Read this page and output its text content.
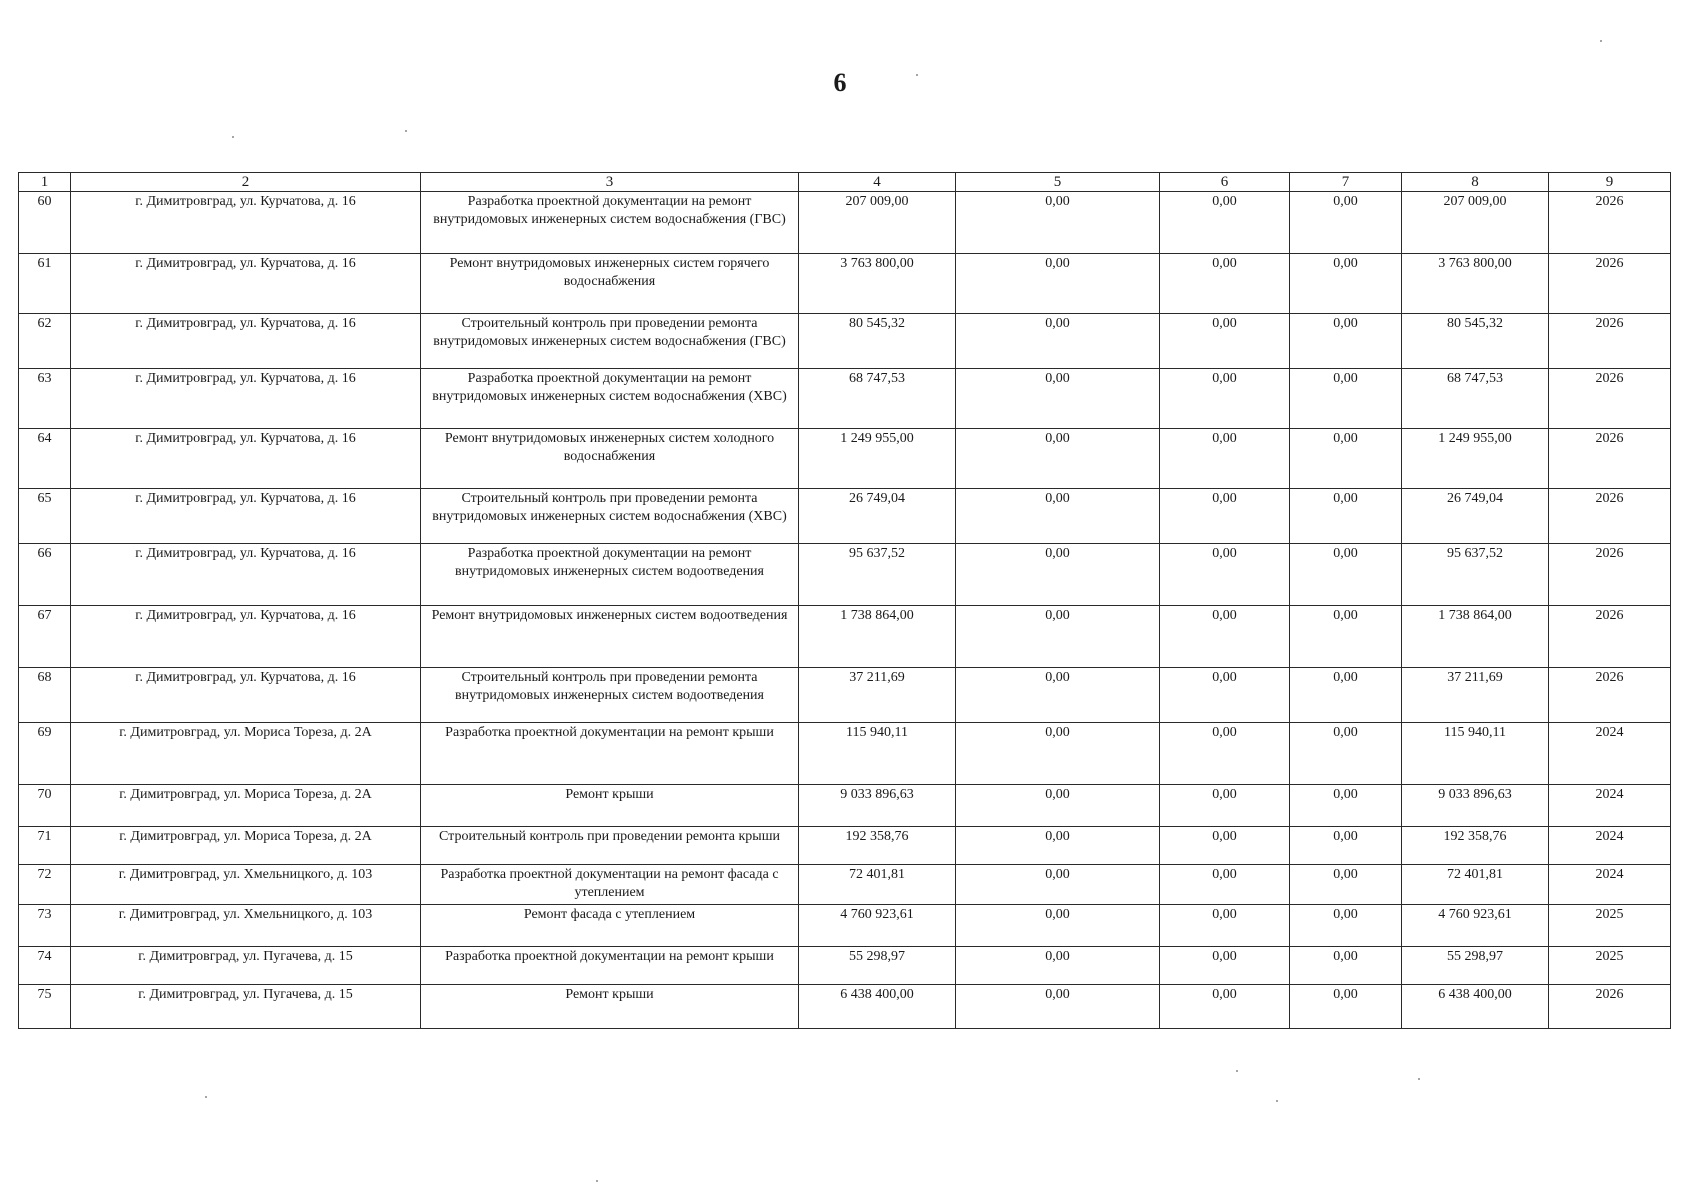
6
1	2	3	4	5	6	7	8	9
60	г. Димитровград, ул. Курчатова, д. 16	Разработка проектной документации на ремонт внутридомовых инженерных систем водоснабжения (ГВС)	207 009,00	0,00	0,00	0,00	207 009,00	2026
61	г. Димитровград, ул. Курчатова, д. 16	Ремонт внутридомовых инженерных систем горячего водоснабжения	3 763 800,00	0,00	0,00	0,00	3 763 800,00	2026
62	г. Димитровград, ул. Курчатова, д. 16	Строительный контроль при проведении ремонта внутридомовых инженерных систем водоснабжения (ГВС)	80 545,32	0,00	0,00	0,00	80 545,32	2026
63	г. Димитровград, ул. Курчатова, д. 16	Разработка проектной документации на ремонт внутридомовых инженерных систем водоснабжения (ХВС)	68 747,53	0,00	0,00	0,00	68 747,53	2026
64	г. Димитровград, ул. Курчатова, д. 16	Ремонт внутридомовых инженерных систем холодного водоснабжения	1 249 955,00	0,00	0,00	0,00	1 249 955,00	2026
65	г. Димитровград, ул. Курчатова, д. 16	Строительный контроль при проведении ремонта внутридомовых инженерных систем водоснабжения (ХВС)	26 749,04	0,00	0,00	0,00	26 749,04	2026
66	г. Димитровград, ул. Курчатова, д. 16	Разработка проектной документации на ремонт внутридомовых инженерных систем водоотведения	95 637,52	0,00	0,00	0,00	95 637,52	2026
67	г. Димитровград, ул. Курчатова, д. 16	Ремонт внутридомовых инженерных систем водоотведения	1 738 864,00	0,00	0,00	0,00	1 738 864,00	2026
68	г. Димитровград, ул. Курчатова, д. 16	Строительный контроль при проведении ремонта внутридомовых инженерных систем водоотведения	37 211,69	0,00	0,00	0,00	37 211,69	2026
69	г. Димитровград, ул. Мориса Тореза, д. 2А	Разработка проектной документации на ремонт крыши	115 940,11	0,00	0,00	0,00	115 940,11	2024
70	г. Димитровград, ул. Мориса Тореза, д. 2А	Ремонт крыши	9 033 896,63	0,00	0,00	0,00	9 033 896,63	2024
71	г. Димитровград, ул. Мориса Тореза, д. 2А	Строительный контроль при проведении ремонта крыши	192 358,76	0,00	0,00	0,00	192 358,76	2024
72	г. Димитровград, ул. Хмельницкого, д. 103	Разработка проектной документации на ремонт фасада с утеплением	72 401,81	0,00	0,00	0,00	72 401,81	2024
73	г. Димитровград, ул. Хмельницкого, д. 103	Ремонт фасада с утеплением	4 760 923,61	0,00	0,00	0,00	4 760 923,61	2025
74	г. Димитровград, ул. Пугачева, д. 15	Разработка проектной документации на ремонт крыши	55 298,97	0,00	0,00	0,00	55 298,97	2025
75	г. Димитровград, ул. Пугачева, д. 15	Ремонт крыши	6 438 400,00	0,00	0,00	0,00	6 438 400,00	2026
